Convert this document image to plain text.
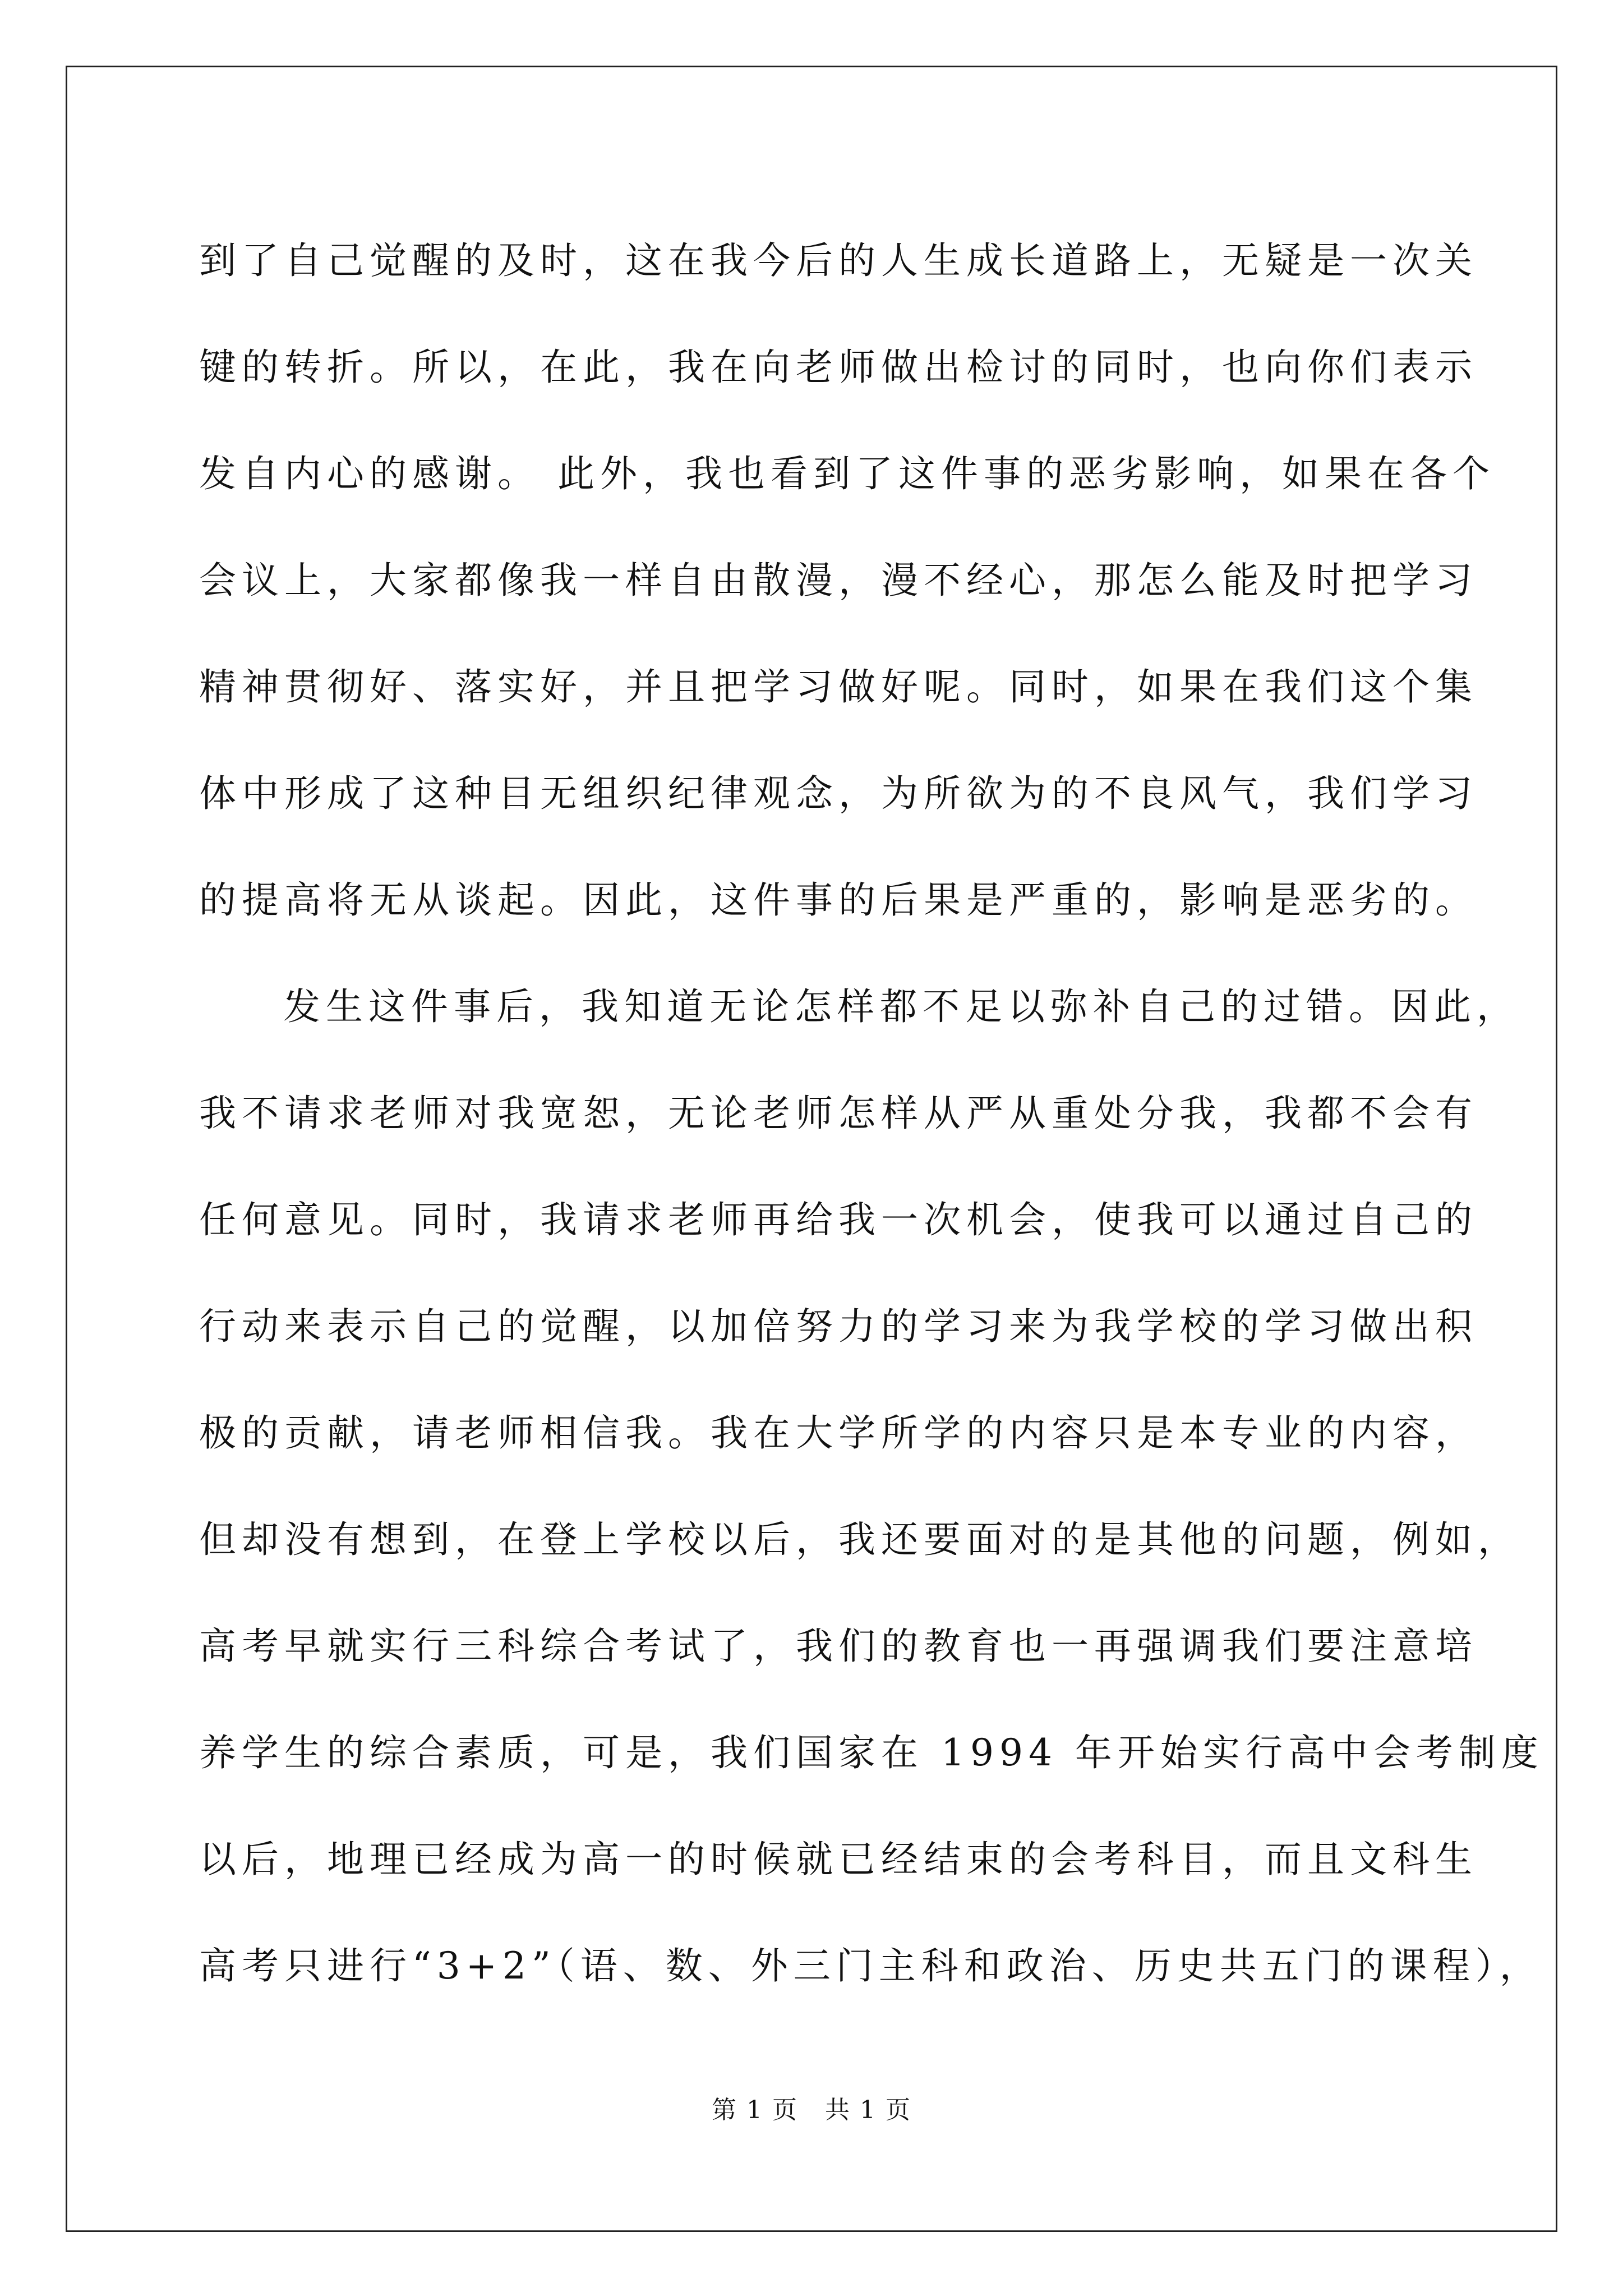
到了自己觉醒的及时，这在我今后的人生成长道路上，无疑是一次关
键的转折。所以，在此，我在向老师做出检讨的同时，也向你们表示
发自内心的感谢。 此外，我也看到了这件事的恶劣影响，如果在各个
会议上，大家都像我一样自由散漫，漫不经心，那怎么能及时把学习
精神贯彻好、落实好，并且把学习做好呢。同时，如果在我们这个集
体中形成了这种目无组织纪律观念，为所欲为的不良风气，我们学习
的提高将无从谈起。因此，这件事的后果是严重的，影响是恶劣的。
发生这件事后，我知道无论怎样都不足以弥补自己的过错。因此，
我不请求老师对我宽恕，无论老师怎样从严从重处分我，我都不会有
任何意见。同时，我请求老师再给我一次机会，使我可以通过自己的
行动来表示自己的觉醒，以加倍努力的学习来为我学校的学习做出积
极的贡献，请老师相信我。我在大学所学的内容只是本专业的内容，
但却没有想到，在登上学校以后，我还要面对的是其他的问题，例如，
高考早就实行三科综合考试了，我们的教育也一再强调我们要注意培
养学生的综合素质，可是，我们国家在 1994 年开始实行高中会考制度
以后，地理已经成为高一的时候就已经结束的会考科目，而且文科生
高考只进行“3+2”（语、数、外三门主科和政治、历史共五门的课程），
第 1 页 共 1 页
